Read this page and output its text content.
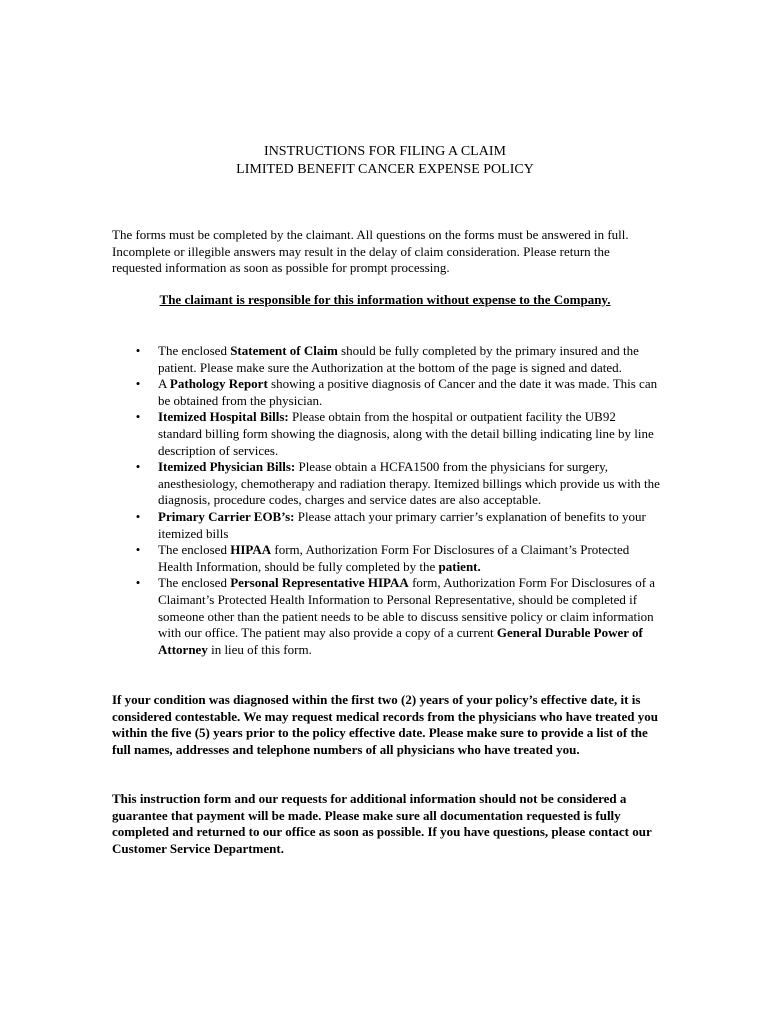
INSTRUCTIONS FOR FILING A CLAIM
LIMITED BENEFIT CANCER EXPENSE POLICY

The forms must be completed by the claimant. All questions on the forms must be answered in full. Incomplete or illegible answers may result in the delay of claim consideration. Please return the requested information as soon as possible for prompt processing.

The claimant is responsible for this information without expense to the Company.

• The enclosed Statement of Claim should be fully completed by the primary insured and the patient. Please make sure the Authorization at the bottom of the page is signed and dated.
• A Pathology Report showing a positive diagnosis of Cancer and the date it was made. This can be obtained from the physician.
• Itemized Hospital Bills: Please obtain from the hospital or outpatient facility the UB92 standard billing form showing the diagnosis, along with the detail billing indicating line by line description of services.
• Itemized Physician Bills: Please obtain a HCFA1500 from the physicians for surgery, anesthesiology, chemotherapy and radiation therapy. Itemized billings which provide us with the diagnosis, procedure codes, charges and service dates are also acceptable.
• Primary Carrier EOB’s: Please attach your primary carrier’s explanation of benefits to your itemized bills
• The enclosed HIPAA form, Authorization Form For Disclosures of a Claimant’s Protected Health Information, should be fully completed by the patient.
• The enclosed Personal Representative HIPAA form, Authorization Form For Disclosures of a Claimant’s Protected Health Information to Personal Representative, should be completed if someone other than the patient needs to be able to discuss sensitive policy or claim information with our office. The patient may also provide a copy of a current General Durable Power of Attorney in lieu of this form.

If your condition was diagnosed within the first two (2) years of your policy’s effective date, it is considered contestable. We may request medical records from the physicians who have treated you within the five (5) years prior to the policy effective date. Please make sure to provide a list of the full names, addresses and telephone numbers of all physicians who have treated you.

This instruction form and our requests for additional information should not be considered a guarantee that payment will be made. Please make sure all documentation requested is fully completed and returned to our office as soon as possible. If you have questions, please contact our Customer Service Department.
